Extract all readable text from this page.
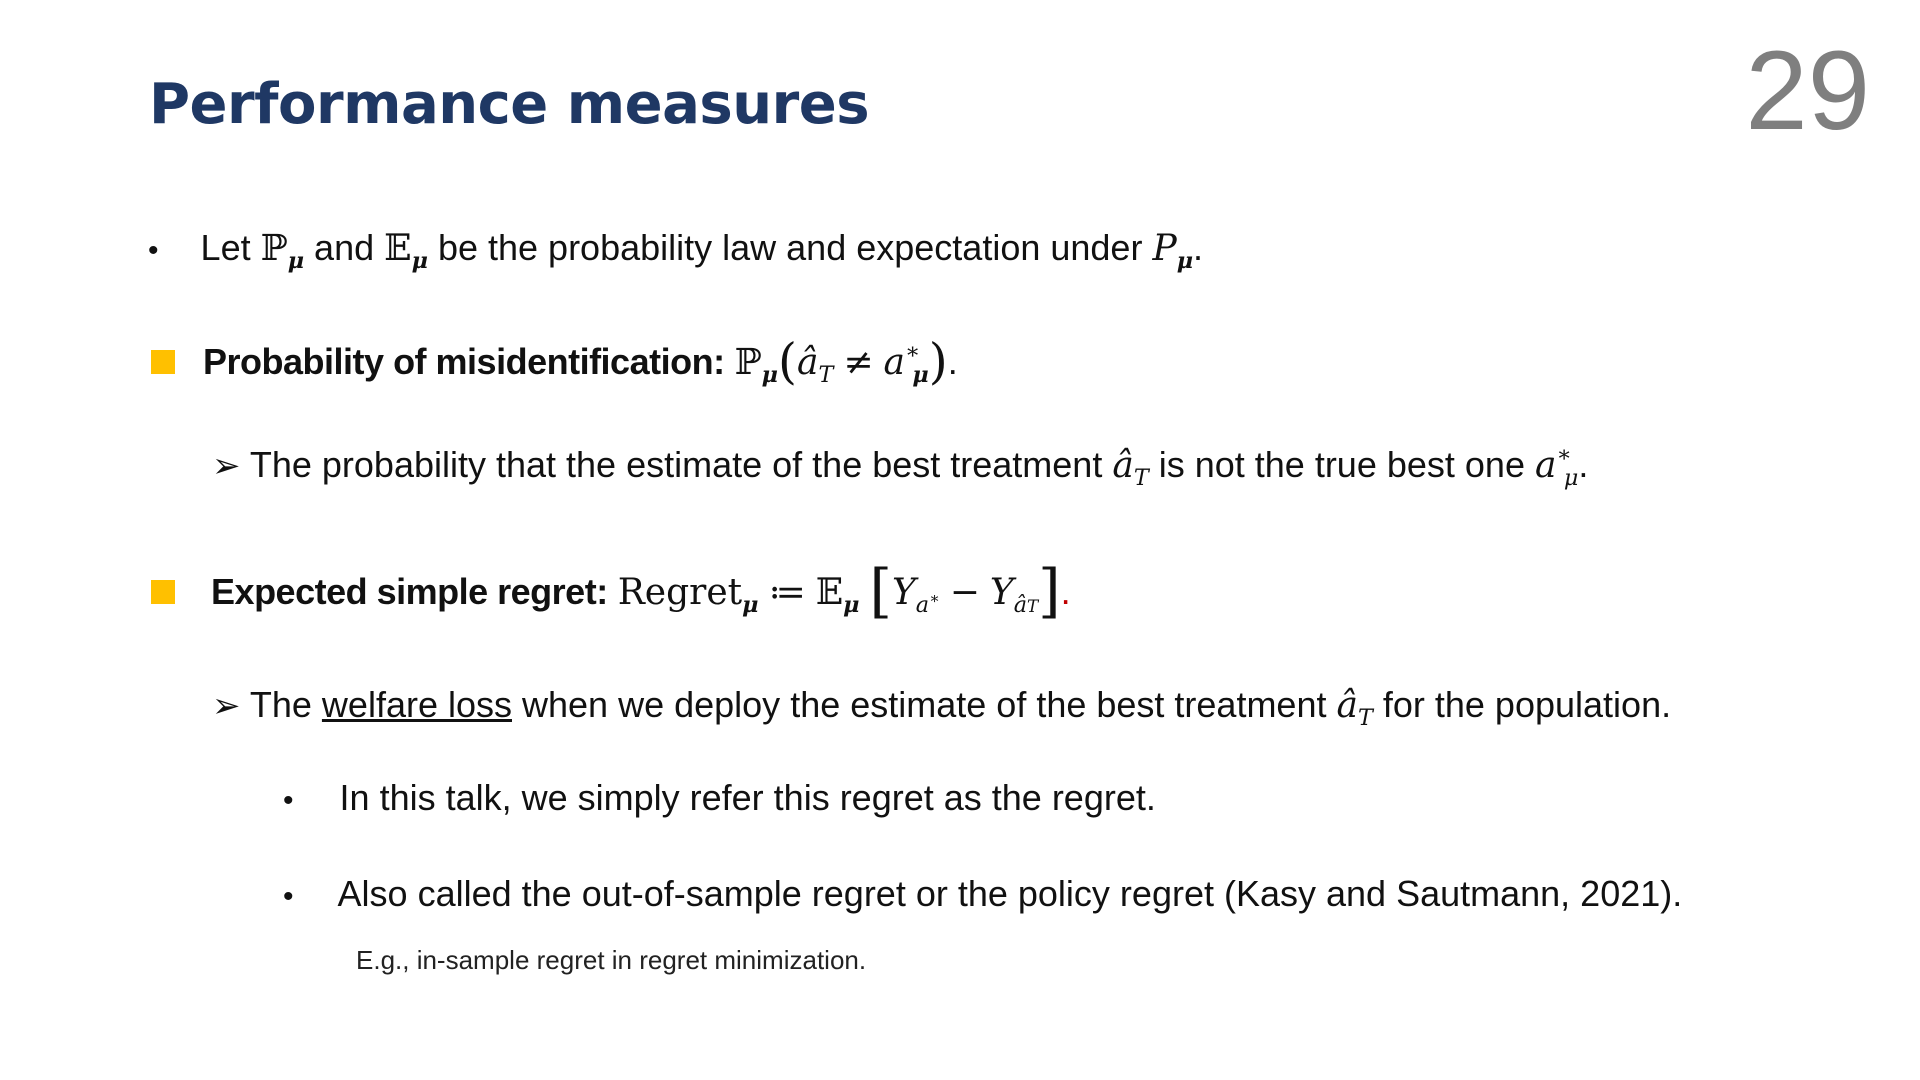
Performance measures	29
• Let ℙ$_\mu$ and 𝔼$_\mu$ be the probability law and expectation under $P_\mu$.
Probability of misidentification: $ℙ_\mu(â_T \ne a^∗_\mu)$.
➢ The probability that the estimate of the best treatment $â_T$ is not the true best one $a^∗_\mu$.
Expected simple regret: Regret$_\mu$ ≔ 𝔼$_\mu$ $[Y_{a^∗} - Y_{âT}]$.
➢ The welfare loss when we deploy the estimate of the best treatment $â_T$ for the population.
• In this talk, we simply refer this regret as the regret.
• Also called the out-of-sample regret or the policy regret (Kasy and Sautmann, 2021).
E.g., in-sample regret in regret minimization.
